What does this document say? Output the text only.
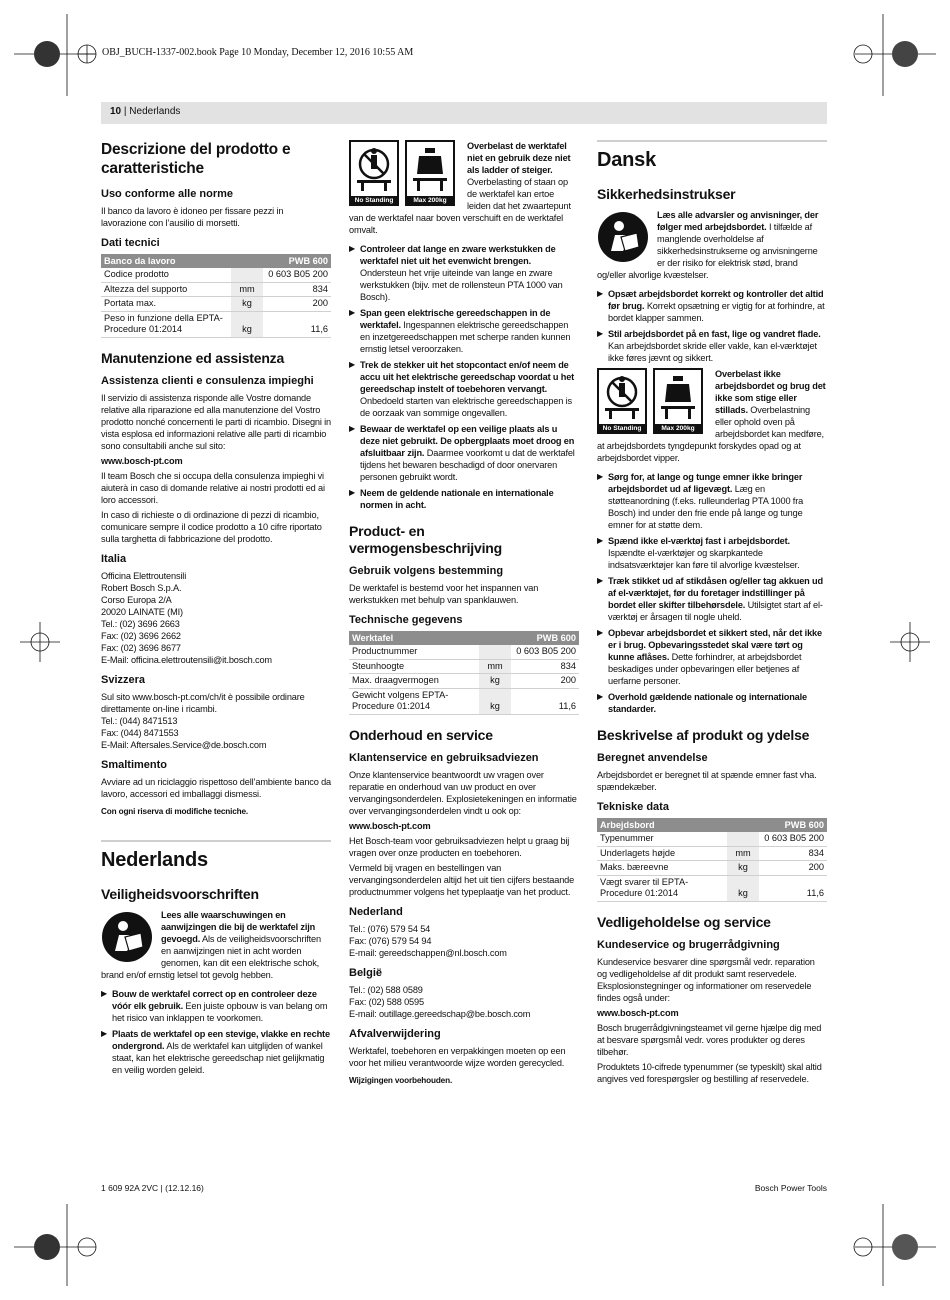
OBJ_BUCH-1337-002.book Page 10 Monday, December 12, 2016 10:55 AM
10 | Nederlands
Descrizione del prodotto e caratteristiche
Uso conforme alle norme

Il banco da lavoro è idoneo per fissare pezzi in lavorazione con l’ausilio di morsetti.

Dati tecnici
Banco da lavoro		PWB 600
Codice prodotto		0 603 B05 200
Altezza del supporto	mm	834
Portata max.	kg	200
Peso in funzione della EPTA-Procedure 01:2014	kg	11,6
Manutenzione ed assistenza
Assistenza clienti e consulenza impieghi

Il servizio di assistenza risponde alle Vostre domande relative alla riparazione ed alla manutenzione del Vostro prodotto nonché concernenti le parti di ricambio. Disegni in vista esplosa ed informazioni relative alle parti di ricambio sono consultabili anche sul sito:

www.bosch-pt.com

Il team Bosch che si occupa della consulenza impieghi vi aiuterà in caso di domande relative ai nostri prodotti ed ai loro accessori.

In caso di richieste o di ordinazione di pezzi di ricambio, comunicare sempre il codice prodotto a 10 cifre riportato sulla targhetta di fabbricazione del prodotto.

Italia

Officina Elettroutensili

Robert Bosch S.p.A.

Corso Europa 2/A

20020 LAINATE (MI)

Tel.: (02) 3696 2663

Fax: (02) 3696 2662

Fax: (02) 3696 8677

E-Mail: officina.elettroutensili@it.bosch.com

Svizzera

Sul sito www.bosch-pt.com/ch/it è possibile ordinare direttamente on-line i ricambi.

Tel.: (044) 8471513

Fax: (044) 8471553

E-Mail: Aftersales.Service@de.bosch.com

Smaltimento

Avviare ad un riciclaggio rispettoso dell’ambiente banco da lavoro, accessori ed imballaggi dismessi.

Con ogni riserva di modifiche tecniche.

Nederlands
Veiligheidsvoorschriften

Lees alle waarschuwingen en aanwijzingen die bij de werktafel zijn gevoegd. Als de veiligheidsvoorschriften en aanwijzingen niet in acht worden genomen, kan dit een elektrische schok, brand en/of ernstig letsel tot gevolg hebben.

▶ Bouw de werktafel correct op en controleer deze vóór elk gebruik. Een juiste opbouw is van belang om het risico van inklappen te voorkomen.
▶ Plaats de werktafel op een stevige, vlakke en rechte ondergrond. Als de werktafel kan uitglijden of wankel staat, kan het elektrische gereedschap niet gelijkmatig en veilig worden geleid.
No Standing	Max 200kg

Overbelast de werktafel niet en gebruik deze niet als ladder of steiger. Overbelasting of staan op de werktafel kan ertoe leiden dat het zwaartepunt van de werktafel naar boven verschuift en de werktafel omvalt.

▶ Controleer dat lange en zware werkstukken de werktafel niet uit het evenwicht brengen. Ondersteun het vrije uiteinde van lange en zware werkstukken (bijv. met de rollensteun PTA 1000 van Bosch).
▶ Span geen elektrische gereedschappen in de werktafel. Ingespannen elektrische gereedschappen en inzetgereedschappen met scherpe randen kunnen ernstig letsel veroorzaken.
▶ Trek de stekker uit het stopcontact en/of neem de accu uit het elektrische gereedschap voordat u het gereedschap instelt of toebehoren vervangt. Onbedoeld starten van elektrische gereedschappen is de oorzaak van sommige ongevallen.
▶ Bewaar de werktafel op een veilige plaats als u deze niet gebruikt. De opbergplaats moet droog en afsluitbaar zijn. Daarmee voorkomt u dat de werktafel tijdens het bewaren beschadigd of door onervaren personen gebruikt wordt.
▶ Neem de geldende nationale en internationale normen in acht.
Product- en vermogensbeschrijving
Gebruik volgens bestemming

De werktafel is bestemd voor het inspannen van werkstukken met behulp van spanklauwen.

Technische gegevens
Werktafel		PWB 600
Productnummer		0 603 B05 200
Steunhoogte	mm	834
Max. draagvermogen	kg	200
Gewicht volgens EPTA-Procedure 01:2014	kg	11,6
Onderhoud en service
Klantenservice en gebruiksadviezen

Onze klantenservice beantwoordt uw vragen over reparatie en onderhoud van uw product en over vervangingsonderdelen. Explosietekeningen en informatie over vervangingsonderdelen vindt u ook op:

www.bosch-pt.com

Het Bosch-team voor gebruiksadviezen helpt u graag bij vragen over onze producten en toebehoren.

Vermeld bij vragen en bestellingen van vervangingsonderdelen altijd het uit tien cijfers bestaande productnummer volgens het typeplaatje van het product.

Nederland

Tel.: (076) 579 54 54

Fax: (076) 579 54 94

E-mail: gereedschappen@nl.bosch.com

België

Tel.: (02) 588 0589

Fax: (02) 588 0595

E-mail: outillage.gereedschap@be.bosch.com

Afvalverwijdering

Werktafel, toebehoren en verpakkingen moeten op een voor het milieu verantwoorde wijze worden gerecycled.

Wijzigingen voorbehouden.

Dansk
Sikkerhedsinstrukser

Læs alle advarsler og anvisninger, der følger med arbejdsbordet. I tilfælde af manglende overholdelse af sikkerhedsinstrukserne og anvisningerne er der risiko for elektrisk stød, brand og/eller alvorlige kvæstelser.

▶ Opsæt arbejdsbordet korrekt og kontroller det altid før brug. Korrekt opsætning er vigtig for at forhindre, at bordet klapper sammen.
▶ Stil arbejdsbordet på en fast, lige og vandret flade. Kan arbejdsbordet skride eller vakle, kan el-værktøjet ikke føres jævnt og sikkert.
No Standing	Max 200kg

Overbelast ikke arbejdsbordet og brug det ikke som stige eller stillads. Overbelastning eller ophold oven på arbejdsbordet kan medføre, at arbejdsbordets tyngdepunkt forskydes opad og at arbejdsbordet vipper.

▶ Sørg for, at lange og tunge emner ikke bringer arbejdsbordet ud af ligevægt. Læg en støtteanordning (f.eks. rulleunderlag PTA 1000 fra Bosch) ind under den frie ende på lange og tunge emner for at støtte dem.
▶ Spænd ikke el-værktøj fast i arbejdsbordet. Ispændte el-værktøjer og skarpkantede indsatsværktøjer kan føre til alvorlige kvæstelser.
▶ Træk stikket ud af stikdåsen og/eller tag akkuen ud af el-værktøjet, før du foretager indstillinger på bordet eller skifter tilbehørsdele. Utilsigtet start af el-værktøj er årsagen til nogle uheld.
▶ Opbevar arbejdsbordet et sikkert sted, når det ikke er i brug. Opbevaringsstedet skal være tørt og kunne aflåses. Dette forhindrer, at arbejdsbordet beskadiges under opbevaringen eller betjenes af uerfarne personer.
▶ Overhold gældende nationale og internationale standarder.
Beskrivelse af produkt og ydelse
Beregnet anvendelse

Arbejdsbordet er beregnet til at spænde emner fast vha. spændekæber.

Tekniske data
Arbejdsbord		PWB 600
Typenummer		0 603 B05 200
Underlagets højde	mm	834
Maks. bæreevne	kg	200
Vægt svarer til EPTA-Procedure 01:2014	kg	11,6
Vedligeholdelse og service
Kundeservice og brugerrådgivning

Kundeservice besvarer dine spørgsmål vedr. reparation og vedligeholdelse af dit produkt samt reservedele. Eksplosionstegninger og informationer om reservedele findes også under:

www.bosch-pt.com

Bosch brugerrådgivningsteamet vil gerne hjælpe dig med at besvare spørgsmål vedr. vores produkter og deres tilbehør.

Produktets 10-cifrede typenummer (se typeskilt) skal altid angives ved forespørgsler og bestilling af reservedele.

1 609 92A 2VC | (12.12.16)	Bosch Power Tools
